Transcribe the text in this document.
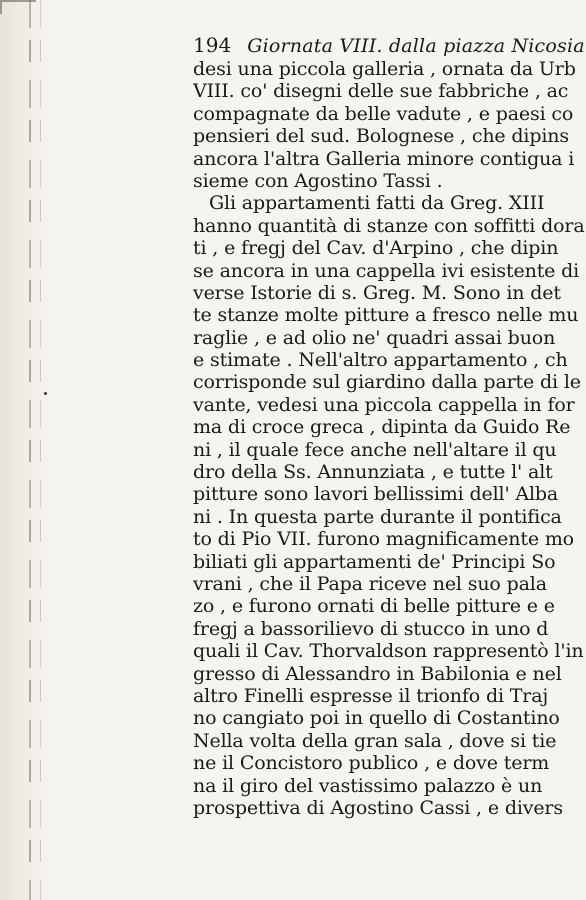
194 Giornata VIII. dalla piazza Nicosia
desi una piccola galleria , ornata da Urb
VIII. co' disegni delle sue fabbriche , ac
compagnate da belle vadute , e paesi co
pensieri del sud. Bolognese , che dipins
ancora l'altra Galleria minore contigua i
sieme con Agostino Tassi .
Gli appartamenti fatti da Greg. XIII
hanno quantità di stanze con soffitti dora
ti , e fregj del Cav. d'Arpino , che dipin
se ancora in una cappella ivi esistente di
verse Istorie di s. Greg. M. Sono in det
te stanze molte pitture a fresco nelle mu
raglie , e ad olio ne' quadri assai buon
e stimate . Nell'altro appartamento , ch
corrisponde sul giardino dalla parte di le
vante, vedesi una piccola cappella in for
ma di croce greca , dipinta da Guido Re
ni , il quale fece anche nell'altare il qu
dro della Ss. Annunziata , e tutte l' alt
pitture sono lavori bellissimi dell' Alba
ni . In questa parte durante il pontifica
to di Pio VII. furono magnificamente mo
biliati gli appartamenti de' Principi So
vrani , che il Papa riceve nel suo pala
zo , e furono ornati di belle pitture e e
fregj a bassorilievo di stucco in uno d
quali il Cav. Thorvaldson rappresentò l'in
gresso di Alessandro in Babilonia e nel
altro Finelli espresse il trionfo di Traj
no cangiato poi in quello di Costantino
Nella volta della gran sala , dove si tie
ne il Concistoro publico , e dove term
na il giro del vastissimo palazzo è un
prospettiva di Agostino Cassi , e divers
